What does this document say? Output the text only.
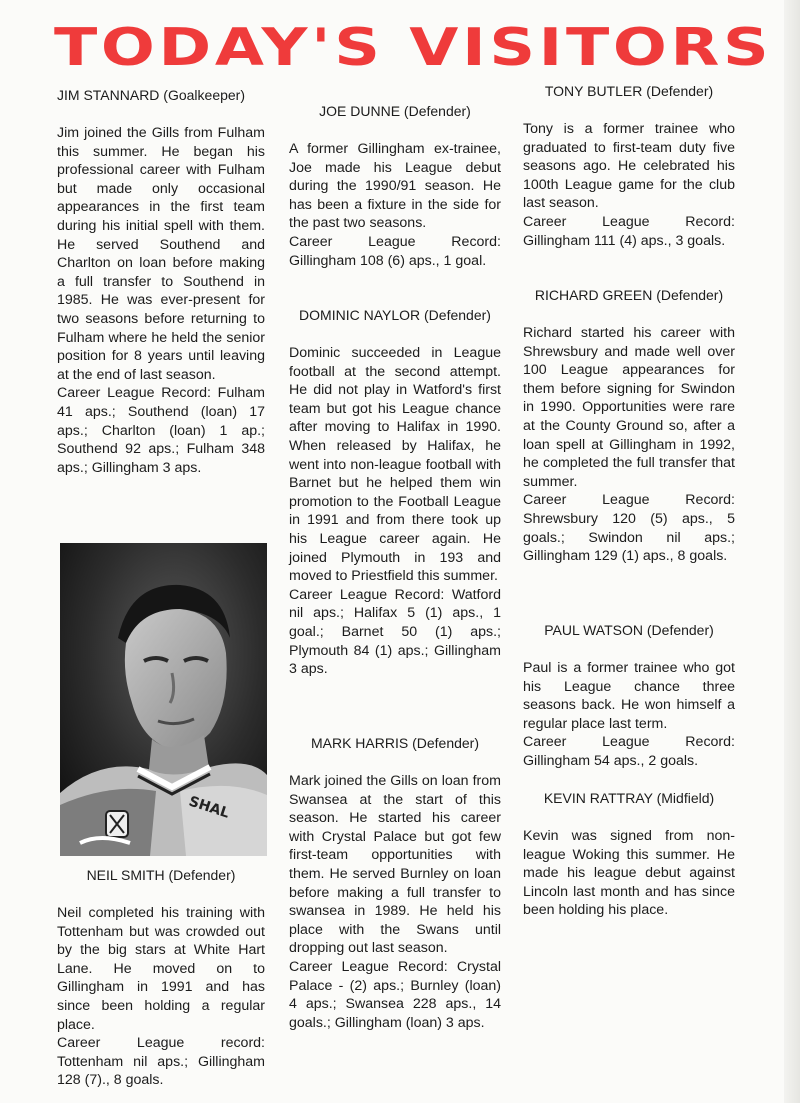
TODAY'S VISITORS
JIM STANNARD (Goalkeeper)

Jim joined the Gills from Fulham this summer. He began his professional career with Fulham but made only occasional appearances in the first team during his initial spell with them. He served Southend and Charlton on loan before making a full transfer to Southend in 1985. He was ever-present for two seasons before returning to Fulham where he held the senior position for 8 years until leaving at the end of last season.

Career League Record: Fulham 41 aps.; Southend (loan) 17 aps.; Charlton (loan) 1 ap.; Southend 92 aps.; Fulham 348 aps.; Gillingham 3 aps.

SHAL
NEIL SMITH (Defender)

Neil completed his training with Tottenham but was crowded out by the big stars at White Hart Lane. He moved on to Gillingham in 1991 and has since been holding a regular place.

Career League record: Tottenham nil aps.; Gillingham 128 (7)., 8 goals.

JOE DUNNE (Defender)

A former Gillingham ex-trainee, Joe made his League debut during the 1990/91 season. He has been a fixture in the side for the past two seasons.

Career League Record: Gillingham 108 (6) aps., 1 goal.

DOMINIC NAYLOR (Defender)

Dominic succeeded in League football at the second attempt. He did not play in Watford's first team but got his League chance after moving to Halifax in 1990. When released by Halifax, he went into non-league football with Barnet but he helped them win promotion to the Football League in 1991 and from there took up his League career again. He joined Plymouth in 193 and moved to Priestfield this summer.

Career League Record: Watford nil aps.; Halifax 5 (1) aps., 1 goal.; Barnet 50 (1) aps.; Plymouth 84 (1) aps.; Gillingham 3 aps.

MARK HARRIS (Defender)

Mark joined the Gills on loan from Swansea at the start of this season. He started his career with Crystal Palace but got few first-team opportunities with them. He served Burnley on loan before making a full transfer to swansea in 1989. He held his place with the Swans until dropping out last season.

Career League Record: Crystal Palace - (2) aps.; Burnley (loan) 4 aps.; Swansea 228 aps., 14 goals.; Gillingham (loan) 3 aps.

TONY BUTLER (Defender)

Tony is a former trainee who graduated to first-team duty five seasons ago. He celebrated his 100th League game for the club last season.

Career League Record: Gillingham 111 (4) aps., 3 goals.

RICHARD GREEN (Defender)

Richard started his career with Shrewsbury and made well over 100 League appearances for them before signing for Swindon in 1990. Opportunities were rare at the County Ground so, after a loan spell at Gillingham in 1992, he completed the full transfer that summer.

Career League Record: Shrewsbury 120 (5) aps., 5 goals.; Swindon nil aps.; Gillingham 129 (1) aps., 8 goals.

PAUL WATSON (Defender)

Paul is a former trainee who got his League chance three seasons back. He won himself a regular place last term.

Career League Record: Gillingham 54 aps., 2 goals.

KEVIN RATTRAY (Midfield)

Kevin was signed from non-league Woking this summer. He made his league debut against Lincoln last month and has since been holding his place.
